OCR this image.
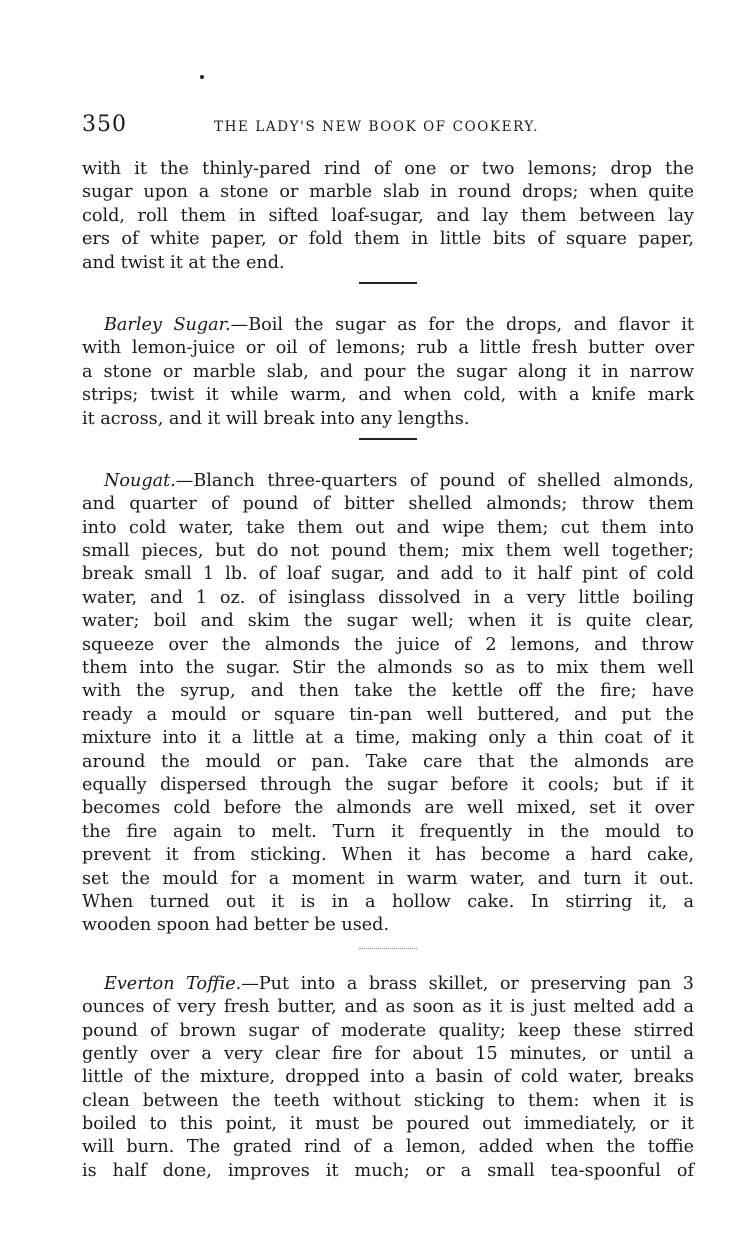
350	THE LADY'S NEW BOOK OF COOKERY.
with it the thinly-pared rind of one or two lemons; drop the
sugar upon a stone or marble slab in round drops; when quite
cold, roll them in sifted loaf-sugar, and lay them between lay
ers of white paper, or fold them in little bits of square paper,
and twist it at the end.
Barley Sugar.—Boil the sugar as for the drops, and flavor it
with lemon-juice or oil of lemons; rub a little fresh butter over
a stone or marble slab, and pour the sugar along it in narrow
strips; twist it while warm, and when cold, with a knife mark
it across, and it will break into any lengths.
Nougat.—Blanch three-quarters of pound of shelled almonds,
and quarter of pound of bitter shelled almonds; throw them
into cold water, take them out and wipe them; cut them into
small pieces, but do not pound them; mix them well together;
break small 1 lb. of loaf sugar, and add to it half pint of cold
water, and 1 oz. of isinglass dissolved in a very little boiling
water; boil and skim the sugar well; when it is quite clear,
squeeze over the almonds the juice of 2 lemons, and throw
them into the sugar. Stir the almonds so as to mix them well
with the syrup, and then take the kettle off the fire; have
ready a mould or square tin-pan well buttered, and put the
mixture into it a little at a time, making only a thin coat of it
around the mould or pan. Take care that the almonds are
equally dispersed through the sugar before it cools; but if it
becomes cold before the almonds are well mixed, set it over
the fire again to melt. Turn it frequently in the mould to
prevent it from sticking. When it has become a hard cake,
set the mould for a moment in warm water, and turn it out.
When turned out it is in a hollow cake. In stirring it, a
wooden spoon had better be used.
Everton Toffie.—Put into a brass skillet, or preserving pan 3
ounces of very fresh butter, and as soon as it is just melted add a
pound of brown sugar of moderate quality; keep these stirred
gently over a very clear fire for about 15 minutes, or until a
little of the mixture, dropped into a basin of cold water, breaks
clean between the teeth without sticking to them: when it is
boiled to this point, it must be poured out immediately, or it
will burn. The grated rind of a lemon, added when the toffie
is half done, improves it much; or a small tea-spoonful of
